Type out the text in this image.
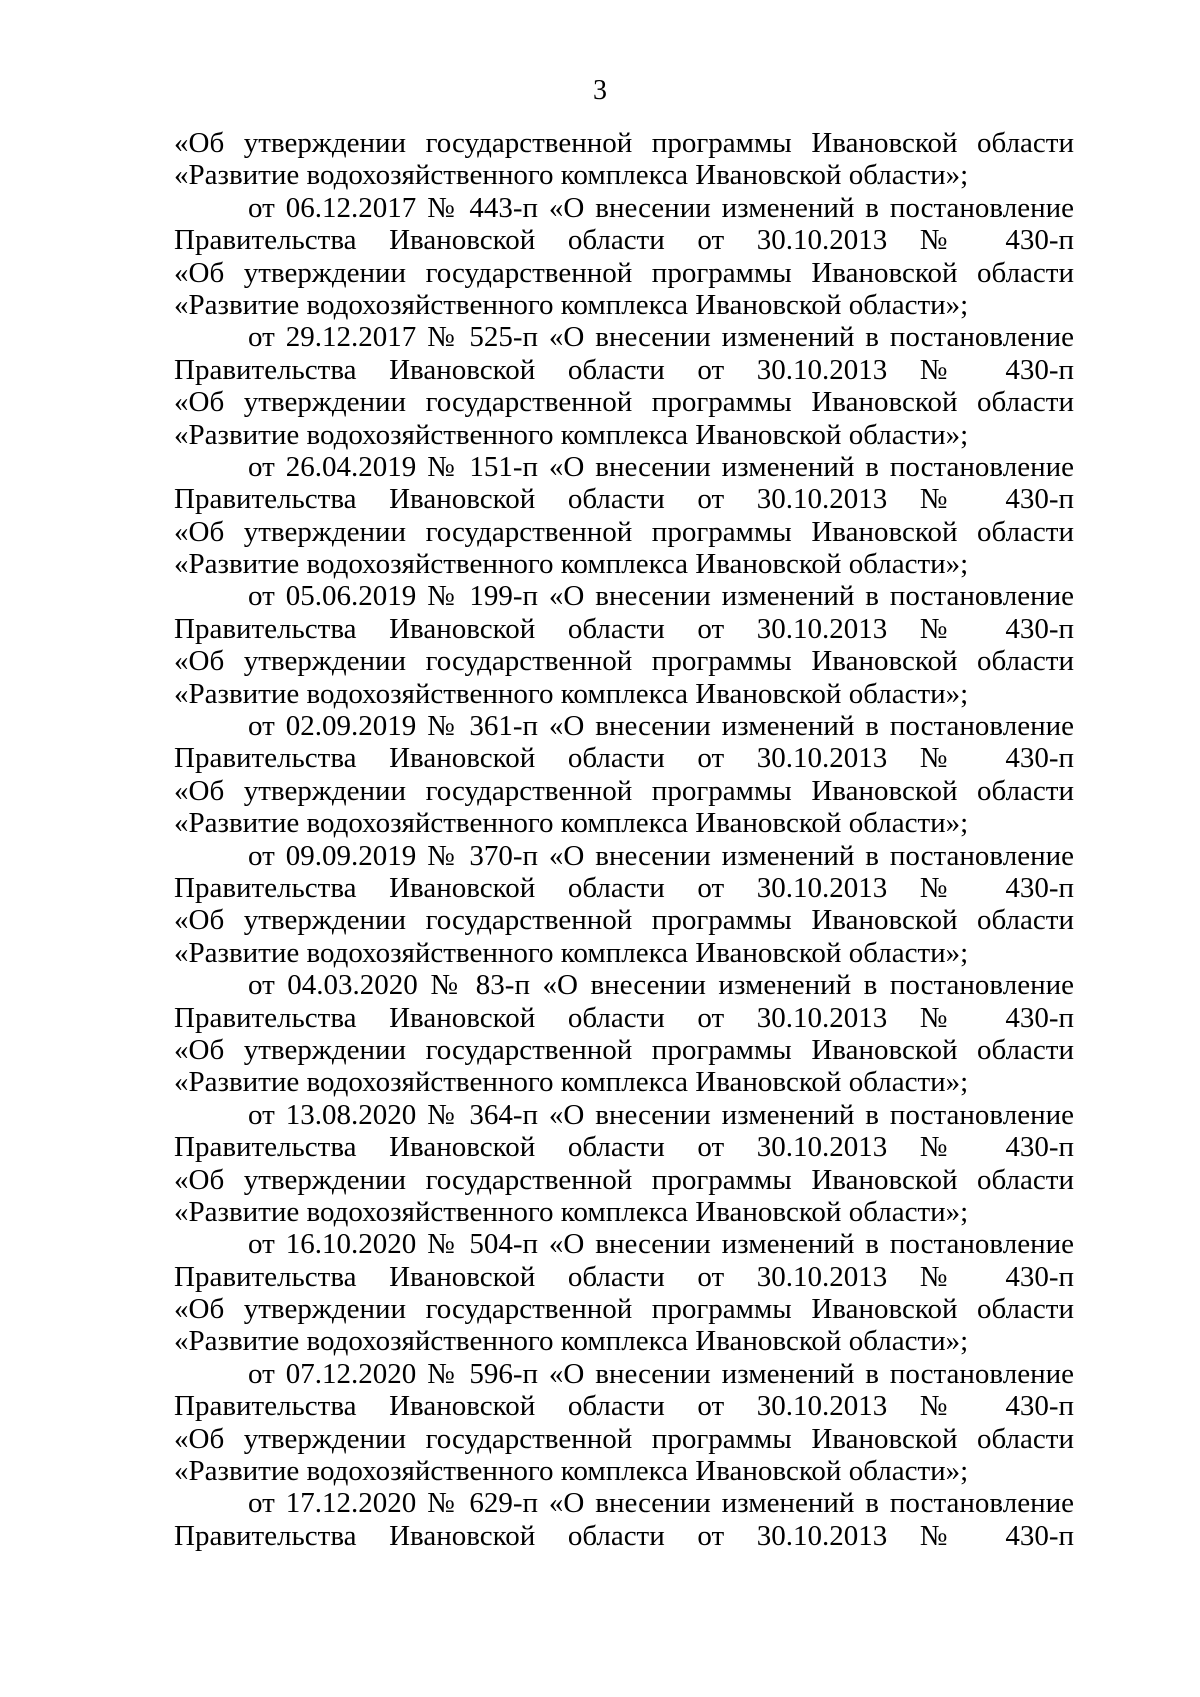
3
«Об утверждении государственной программы Ивановской области
«Развитие водохозяйственного комплекса Ивановской области»;
от 06.12.2017 № 443-п «О внесении изменений в постановление
Правительства Ивановской области от 30.10.2013 № 430-п
«Об утверждении государственной программы Ивановской области
«Развитие водохозяйственного комплекса Ивановской области»;
от 29.12.2017 № 525-п «О внесении изменений в постановление
Правительства Ивановской области от 30.10.2013 № 430-п
«Об утверждении государственной программы Ивановской области
«Развитие водохозяйственного комплекса Ивановской области»;
от 26.04.2019 № 151-п «О внесении изменений в постановление
Правительства Ивановской области от 30.10.2013 № 430-п
«Об утверждении государственной программы Ивановской области
«Развитие водохозяйственного комплекса Ивановской области»;
от 05.06.2019 № 199-п «О внесении изменений в постановление
Правительства Ивановской области от 30.10.2013 № 430-п
«Об утверждении государственной программы Ивановской области
«Развитие водохозяйственного комплекса Ивановской области»;
от 02.09.2019 № 361-п «О внесении изменений в постановление
Правительства Ивановской области от 30.10.2013 № 430-п
«Об утверждении государственной программы Ивановской области
«Развитие водохозяйственного комплекса Ивановской области»;
от 09.09.2019 № 370-п «О внесении изменений в постановление
Правительства Ивановской области от 30.10.2013 № 430-п
«Об утверждении государственной программы Ивановской области
«Развитие водохозяйственного комплекса Ивановской области»;
от 04.03.2020 № 83-п «О внесении изменений в постановление
Правительства Ивановской области от 30.10.2013 № 430-п
«Об утверждении государственной программы Ивановской области
«Развитие водохозяйственного комплекса Ивановской области»;
от 13.08.2020 № 364-п «О внесении изменений в постановление
Правительства Ивановской области от 30.10.2013 № 430-п
«Об утверждении государственной программы Ивановской области
«Развитие водохозяйственного комплекса Ивановской области»;
от 16.10.2020 № 504-п «О внесении изменений в постановление
Правительства Ивановской области от 30.10.2013 № 430-п
«Об утверждении государственной программы Ивановской области
«Развитие водохозяйственного комплекса Ивановской области»;
от 07.12.2020 № 596-п «О внесении изменений в постановление
Правительства Ивановской области от 30.10.2013 № 430-п
«Об утверждении государственной программы Ивановской области
«Развитие водохозяйственного комплекса Ивановской области»;
от 17.12.2020 № 629-п «О внесении изменений в постановление
Правительства Ивановской области от 30.10.2013 № 430-п
